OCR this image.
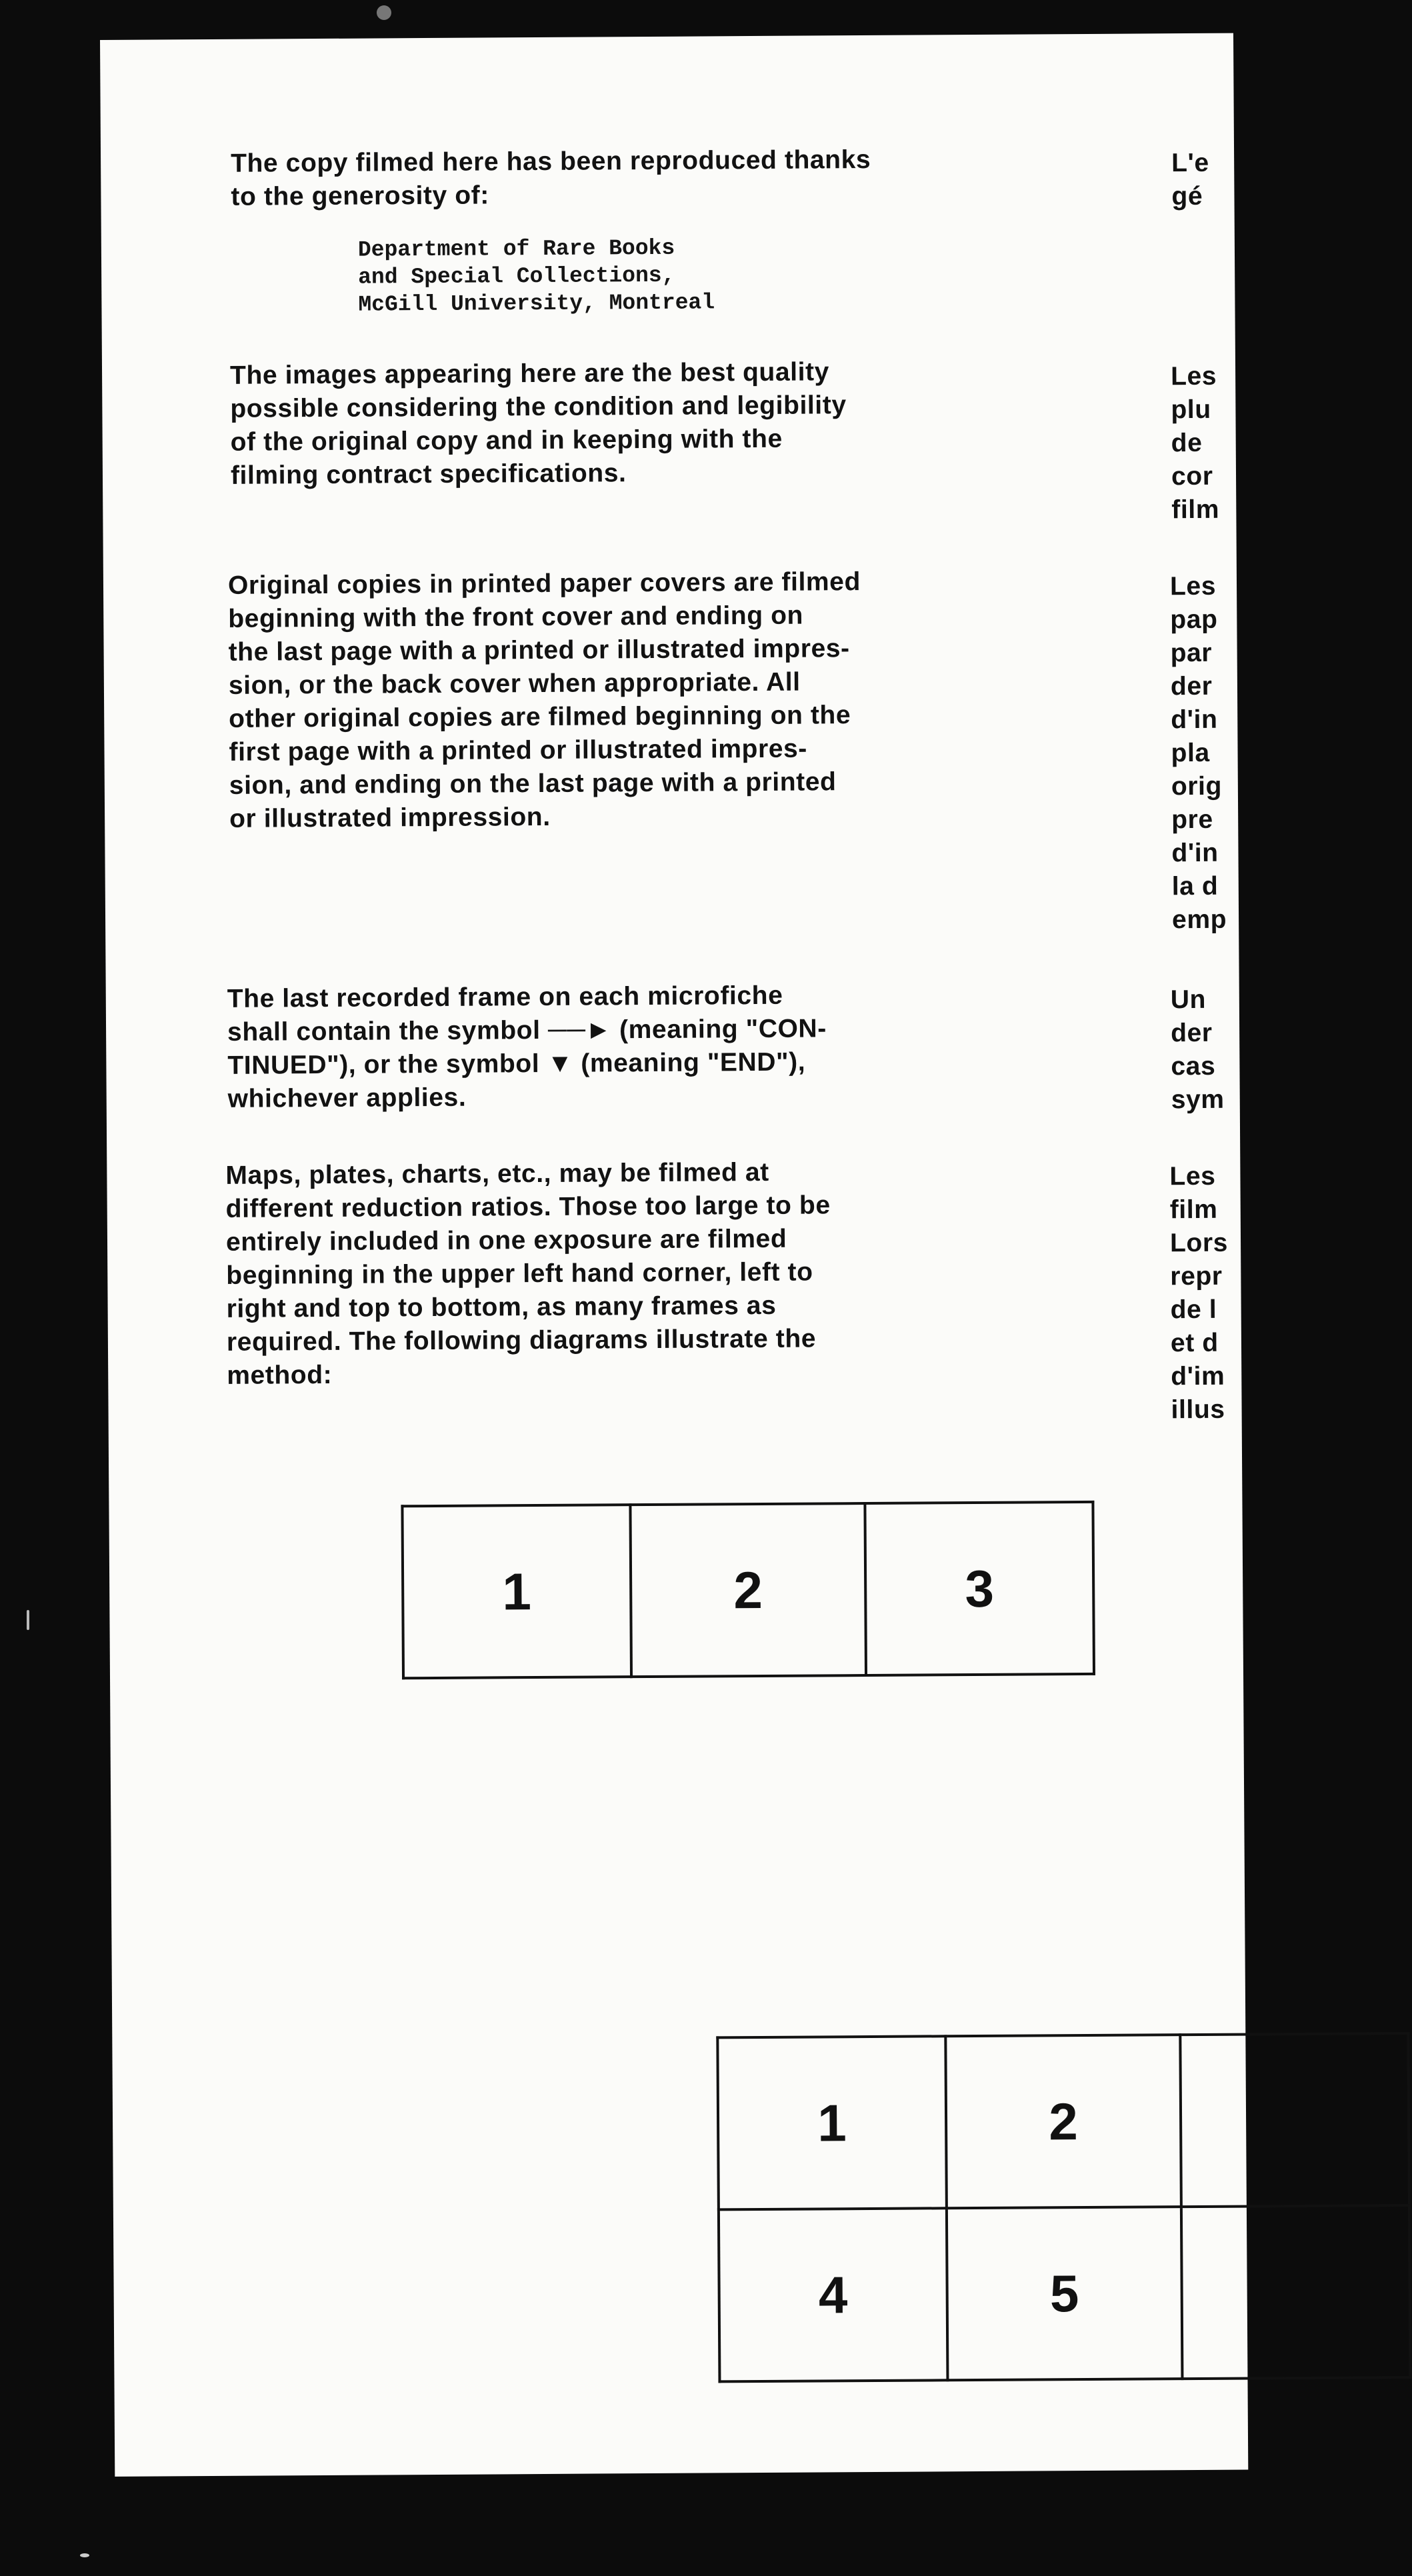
The copy filmed here has been reproduced thanks
to the generosity of:
Department of Rare Books
and Special Collections,
McGill University, Montreal
The images appearing here are the best quality
possible considering the condition and legibility
of the original copy and in keeping with the
filming contract specifications.
Original copies in printed paper covers are filmed
beginning with the front cover and ending on
the last page with a printed or illustrated impres-
sion, or the back cover when appropriate. All
other original copies are filmed beginning on the
first page with a printed or illustrated impres-
sion, and ending on the last page with a printed
or illustrated impression.
The last recorded frame on each microfiche
shall contain the symbol ──► (meaning "CON-
TINUED"), or the symbol ▼ (meaning "END"),
whichever applies.
Maps, plates, charts, etc., may be filmed at
different reduction ratios. Those too large to be
entirely included in one exposure are filmed
beginning in the upper left hand corner, left to
right and top to bottom, as many frames as
required. The following diagrams illustrate the
method:
L'e
gé
Les
plu
de
cor
film
Les
pap
par
der
d'in
pla
orig
pre
d'in
la d
emp
Un
der
cas
sym
Les
film
Lors
repr
de l
et d
d'im
illus
1	2	3
1	2	
4	5	
